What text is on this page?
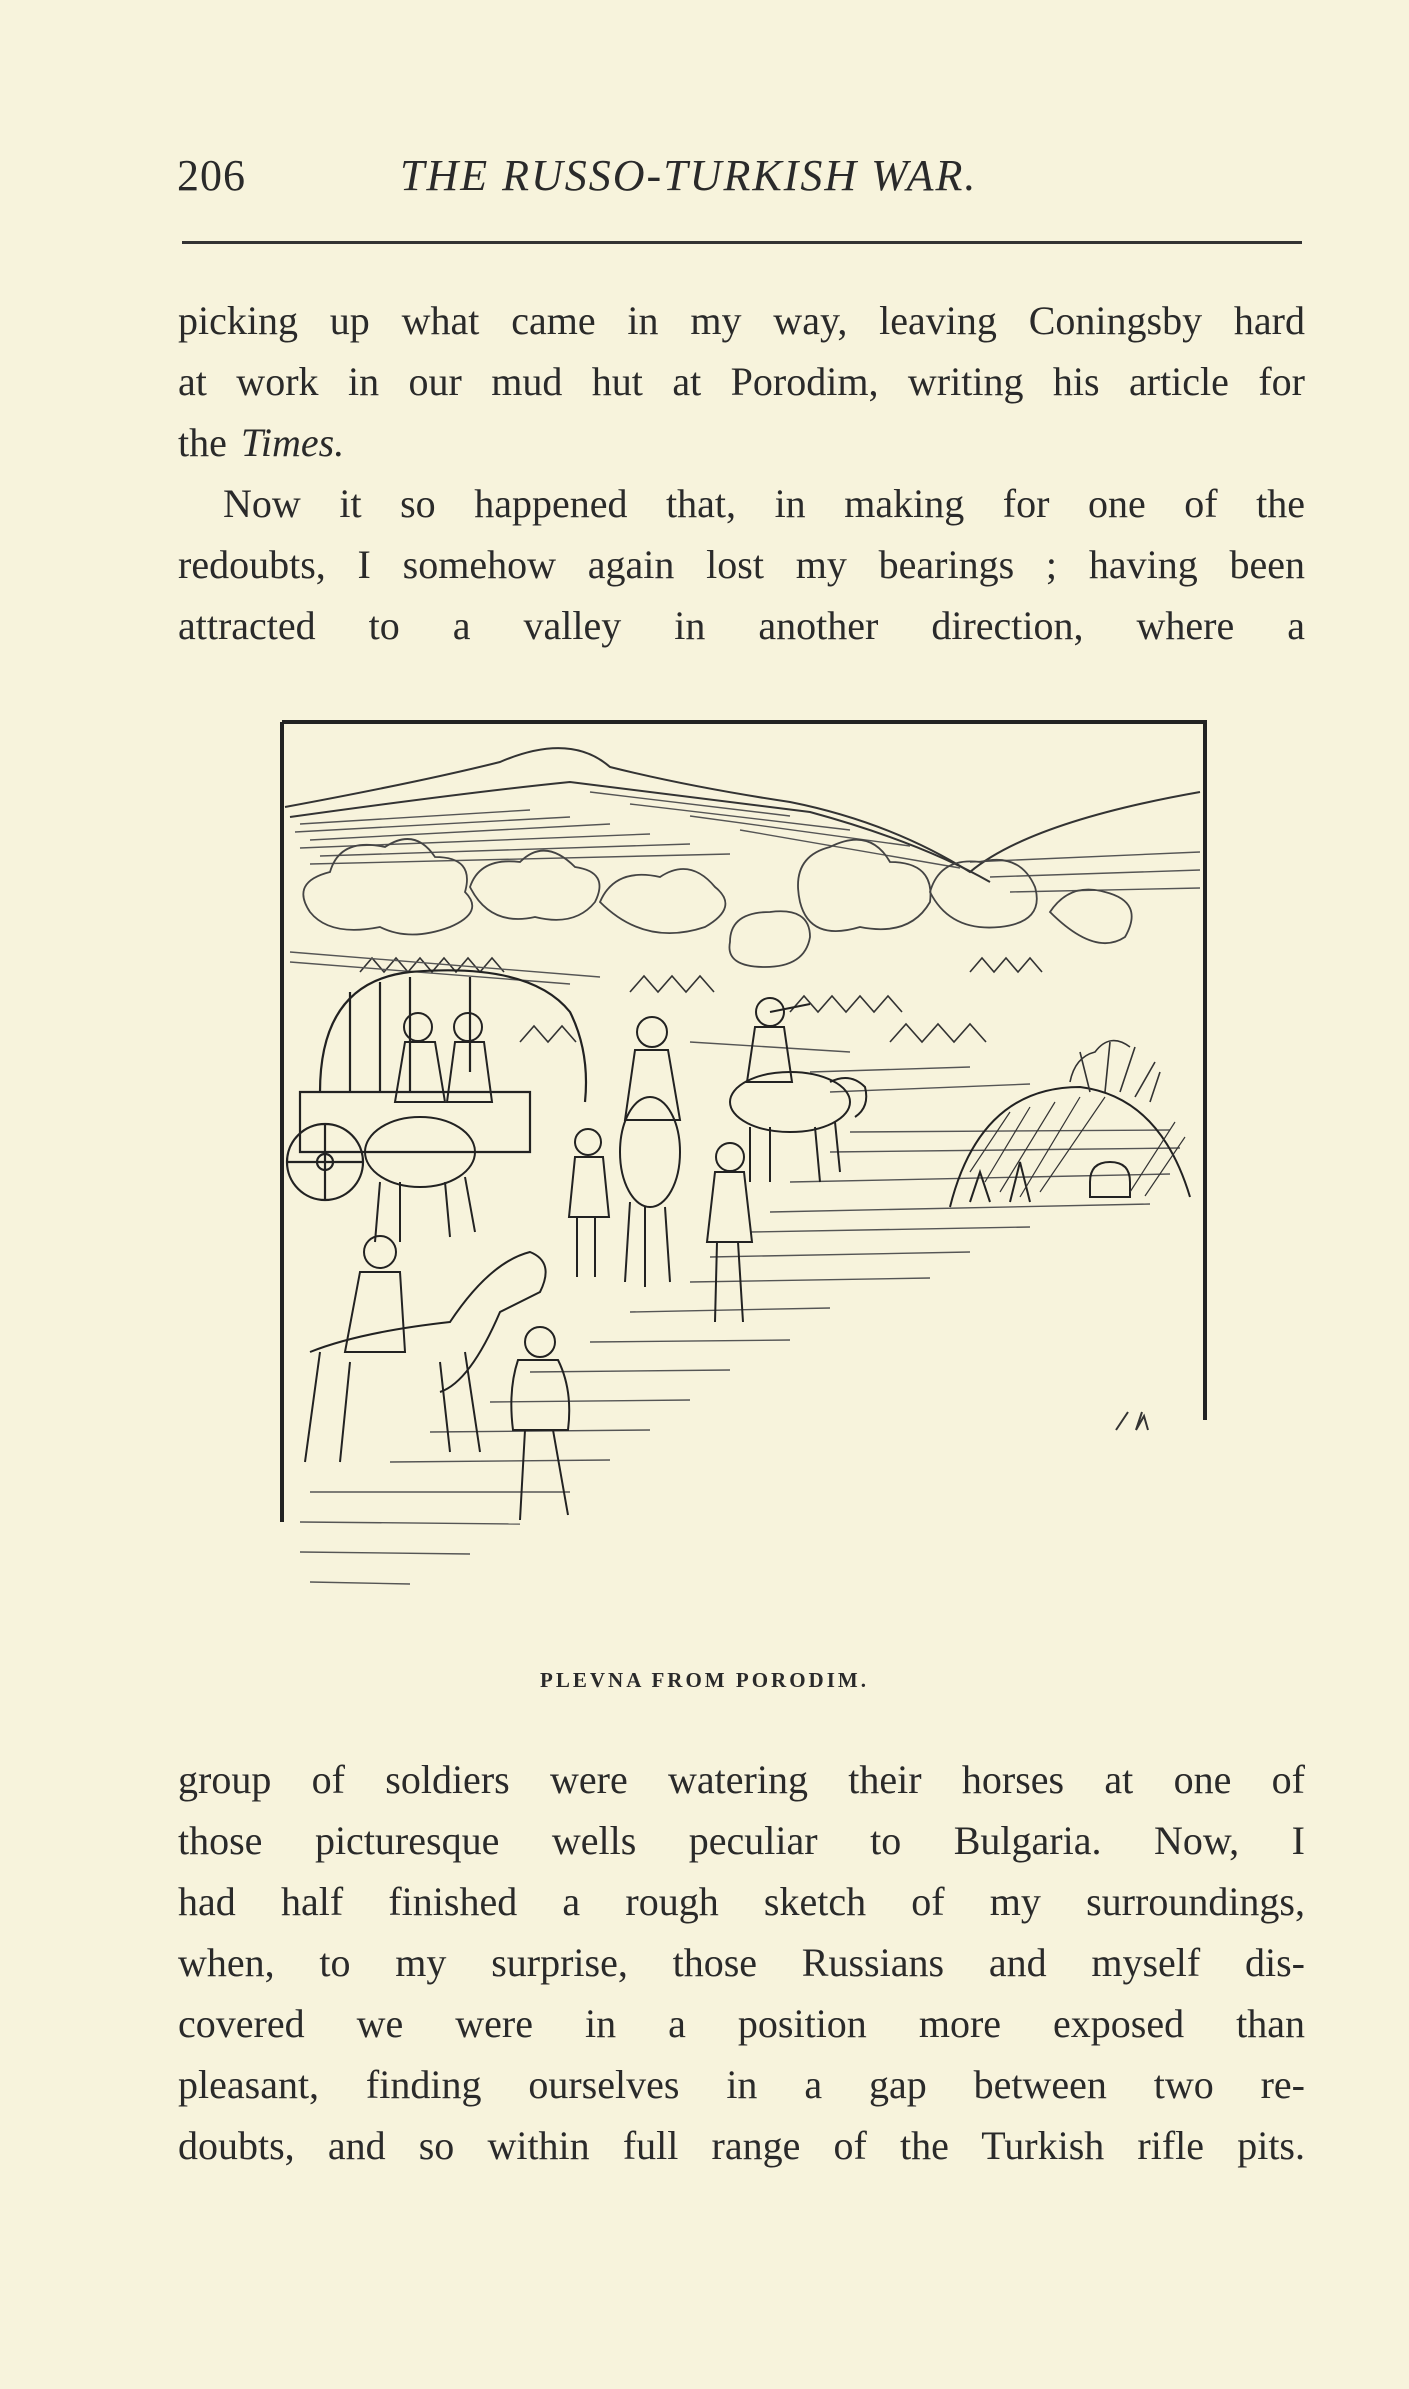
206	THE RUSSO-TURKISH WAR.
picking up what came in my way, leaving Coningsby hard
at work in our mud hut at Porodim, writing his article for
the Times.
Now it so happened that, in making for one of the
redoubts, I somehow again lost my bearings ; having been
attracted to a valley in another direction, where a
PLEVNA FROM PORODIM.
group of soldiers were watering their horses at one of
those picturesque wells peculiar to Bulgaria. Now, I
had half finished a rough sketch of my surroundings,
when, to my surprise, those Russians and myself dis-
covered we were in a position more exposed than
pleasant, finding ourselves in a gap between two re-
doubts, and so within full range of the Turkish rifle pits.
